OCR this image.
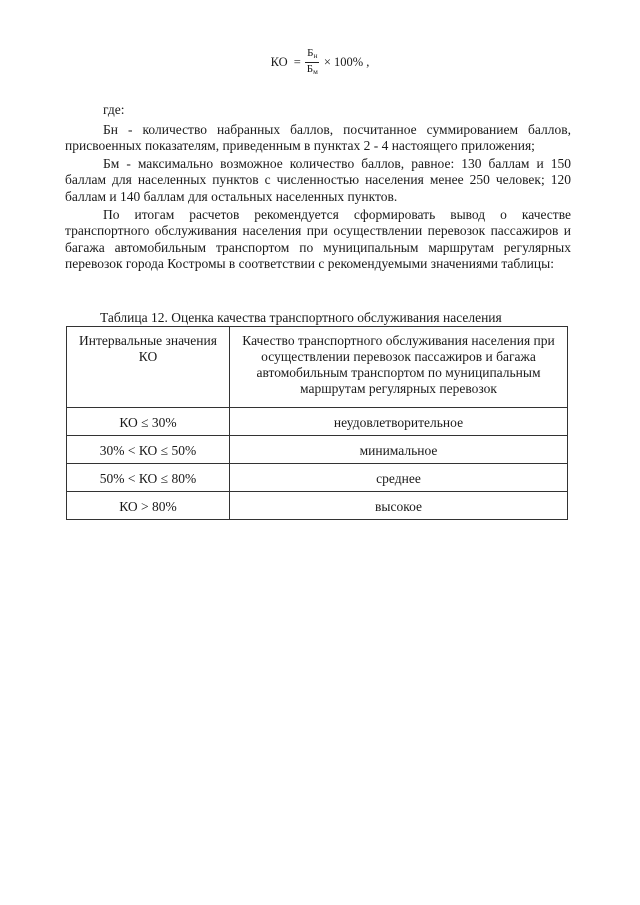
КО = $\frac{Б_н}{Б_м} \times 100\%$ ,

где:

Бн - количество набранных баллов, посчитанное суммированием баллов, присвоенных показателям, приведенным в пунктах 2 - 4 настоящего приложения;

Бм - максимально возможное количество баллов, равное: 130 баллам и 150 баллам для населенных пунктов с численностью населения менее 250 человек; 120 баллам и 140 баллам для остальных населенных пунктов.

По итогам расчетов рекомендуется сформировать вывод о качестве транспортного обслуживания населения при осуществлении перевозок пассажиров и багажа автомобильным транспортом по муниципальным маршрутам регулярных перевозок города Костромы в соответствии с рекомендуемыми значениями таблицы:

Таблица 12. Оценка качества транспортного обслуживания населения
Интервальные значения КО	Качество транспортного обслуживания населения при осуществлении перевозок пассажиров и багажа автомобильным транспортом по муниципальным маршрутам регулярных перевозок
КО ≤ 30%	неудовлетворительное
30% < КО ≤ 50%	минимальное
50% < КО ≤ 80%	среднее
КО > 80%	высокое
